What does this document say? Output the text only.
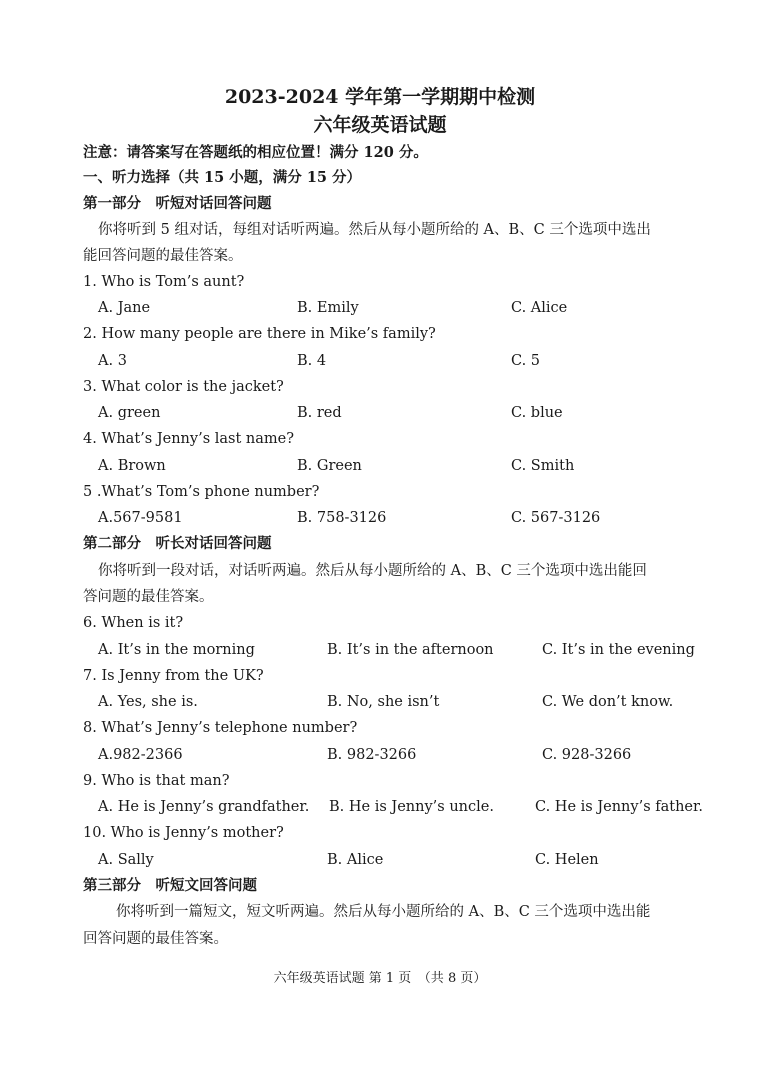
2023-2024 学年第一学期期中检测
六年级英语试题
注意：请答案写在答题纸的相应位置！满分 120 分。
一、听力选择（共 15 小题，满分 15 分）
第一部分　听短对话回答问题
你将听到 5 组对话，每组对话听两遍。然后从每小题所给的 A、B、C 三个选项中选出
能回答问题的最佳答案。
1. Who is Tom’s aunt?
A. Jane	B. Emily	C. Alice
2. How many people are there in Mike’s family?
A. 3	B. 4	C. 5
3. What color is the jacket?
A. green	B. red	C. blue
4. What’s Jenny’s last name?
A. Brown	B. Green	C. Smith
5 .What’s Tom’s phone number?
A.567-9581	B. 758-3126	C. 567-3126
第二部分　听长对话回答问题
你将听到一段对话，对话听两遍。然后从每小题所给的 A、B、C 三个选项中选出能回
答问题的最佳答案。
6. When is it?
A. It’s in the morning	B. It’s in the afternoon	C. It’s in the evening
7. Is Jenny from the UK?
A. Yes, she is.	B. No, she isn’t	C. We don’t know.
8. What’s Jenny’s telephone number?
A.982-2366	B. 982-3266	C. 928-3266
9. Who is that man?
A. He is Jenny’s grandfather. B. He is Jenny’s uncle.	C. He is Jenny’s father.
10. Who is Jenny’s mother?
A. Sally	B. Alice	C. Helen
第三部分　听短文回答问题
你将听到一篇短文，短文听两遍。然后从每小题所给的 A、B、C 三个选项中选出能
回答问题的最佳答案。
六年级英语试题 第 1 页　（共 8 页）
